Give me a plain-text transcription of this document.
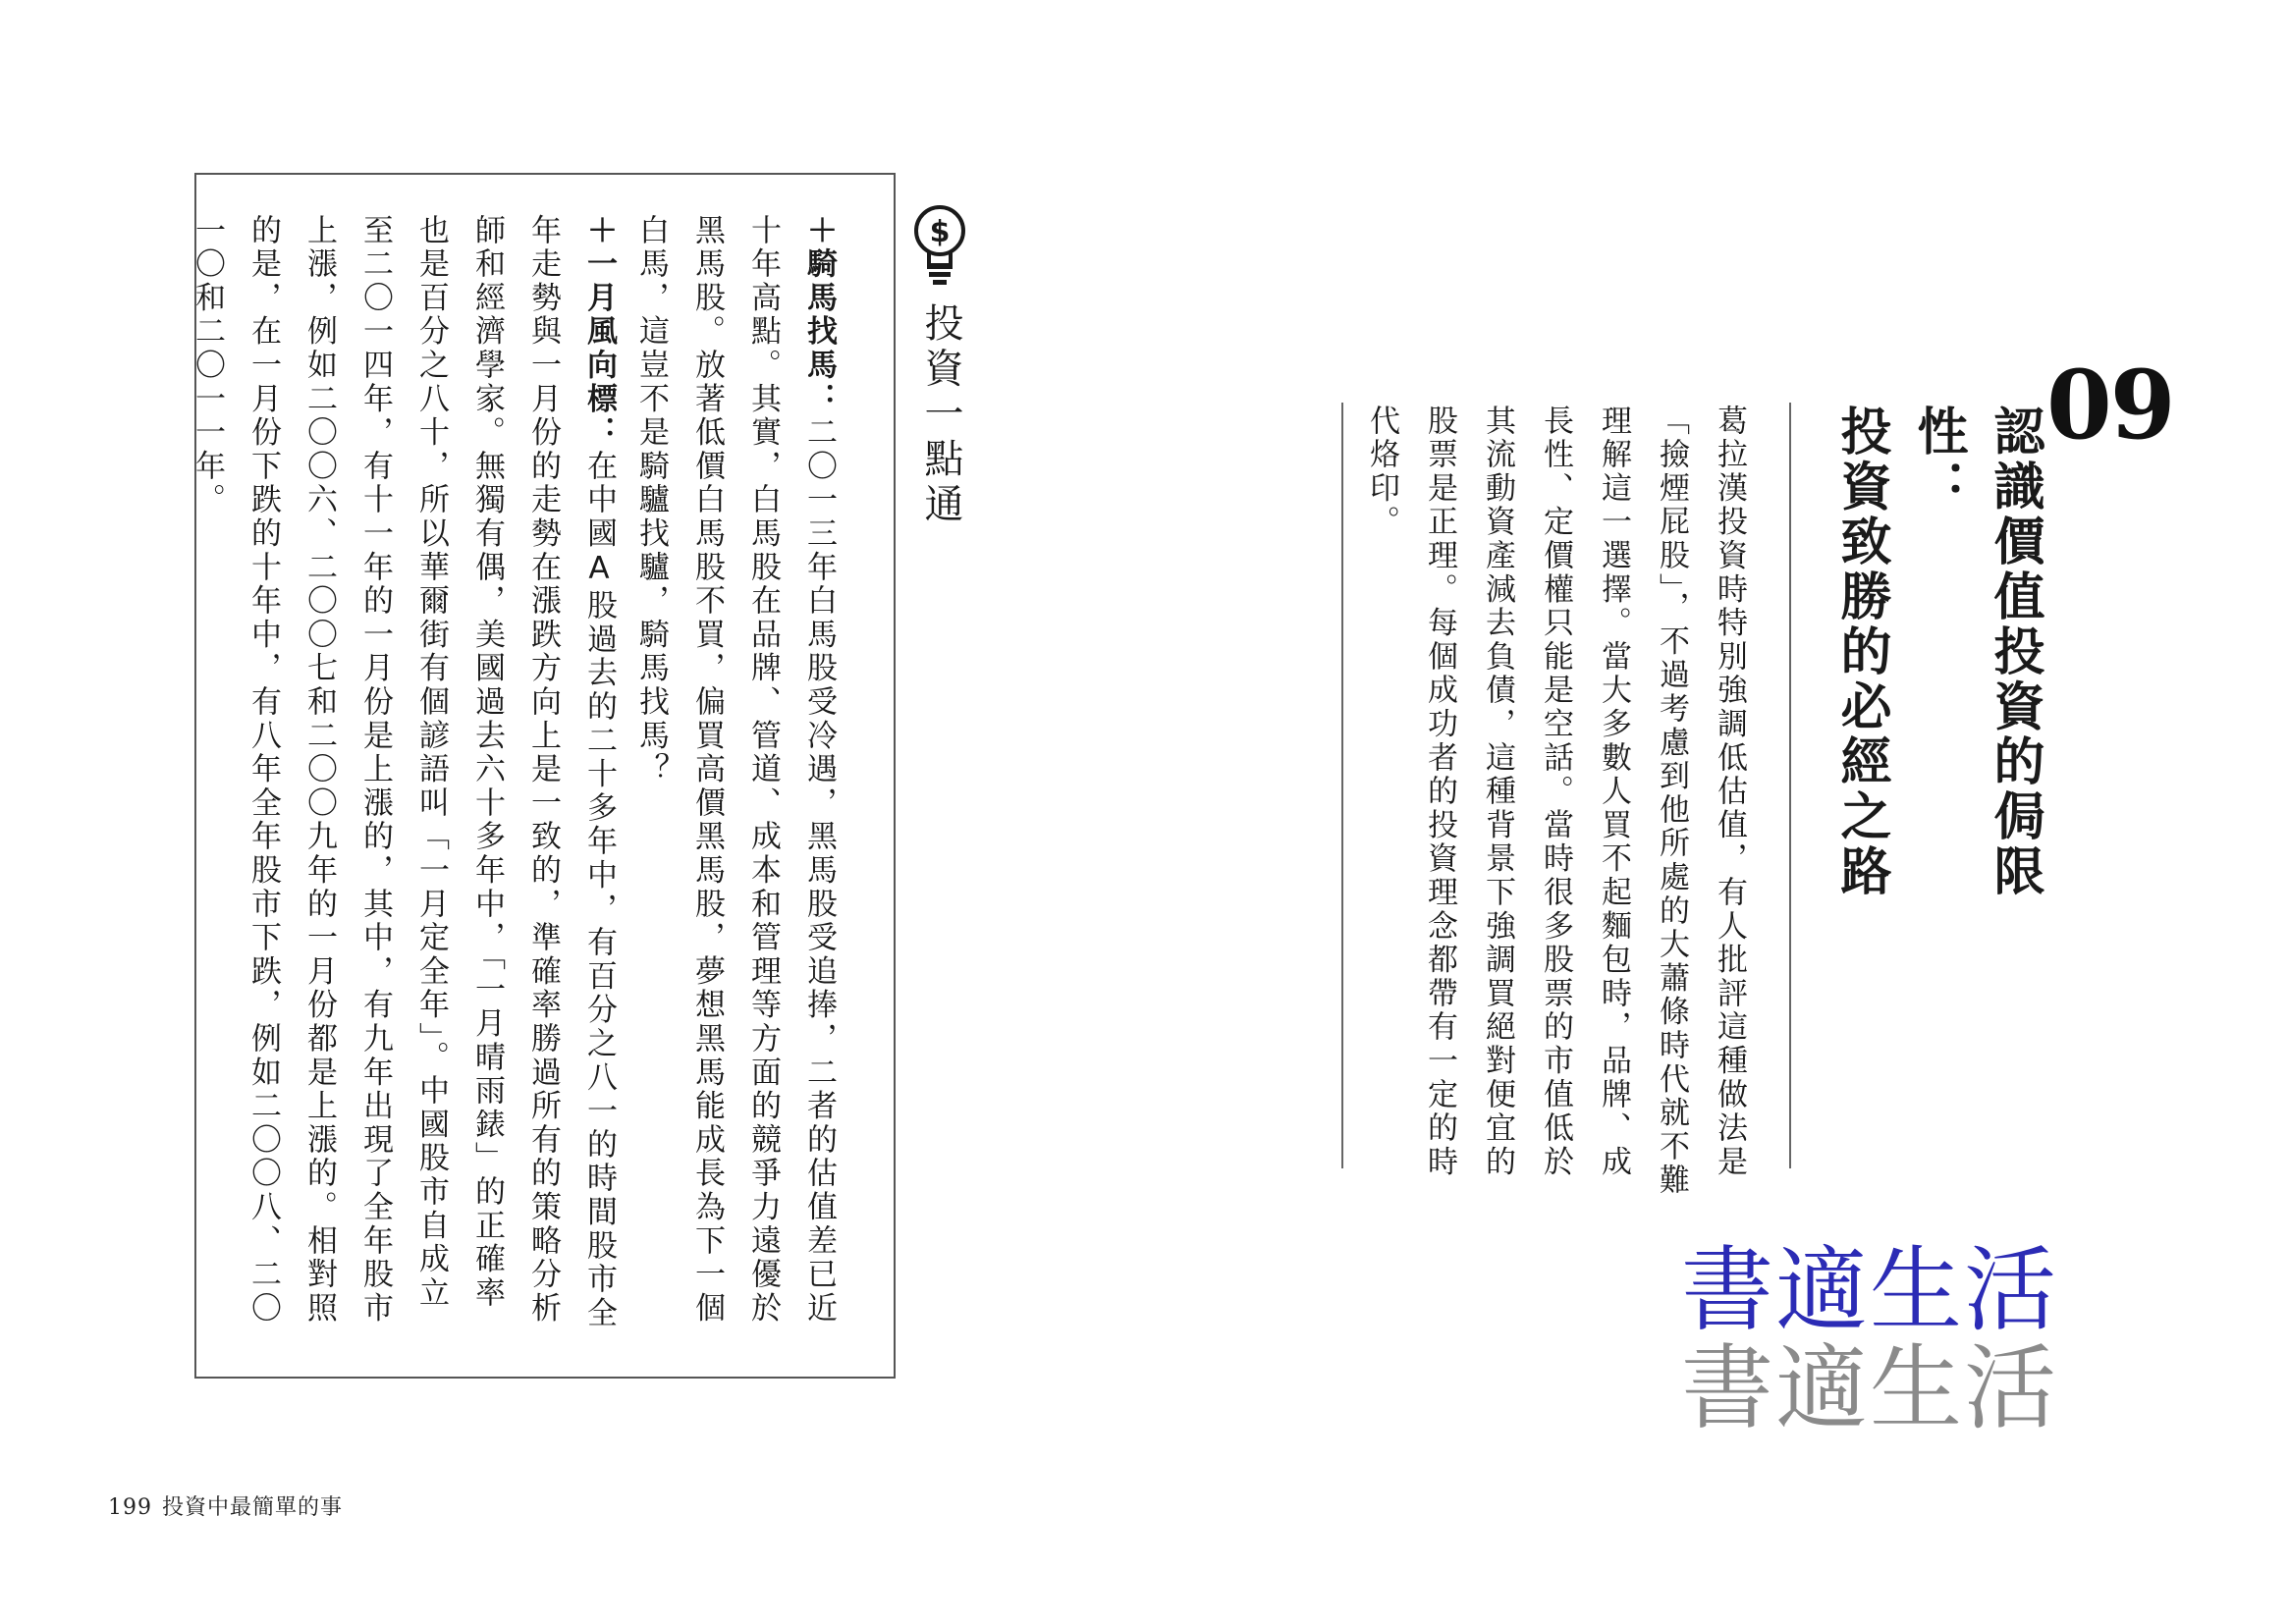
$
投資一點通

＋騎馬找馬：二〇一三年白馬股受冷遇，黑馬股受追捧，二者的估值差已近十年高點。其實，白馬股在品牌、管道、成本和管理等方面的競爭力遠優於黑馬股。放著低價白馬股不買，偏買高價黑馬股，夢想黑馬能成長為下一個白馬，這豈不是騎驢找驢，騎馬找馬？

＋一月風向標：在中國A股過去的二十多年中，有百分之八一的時間股市全年走勢與一月份的走勢在漲跌方向上是一致的，準確率勝過所有的策略分析師和經濟學家。無獨有偶，美國過去六十多年中，「一月晴雨錶」的正確率也是百分之八十，所以華爾街有個諺語叫「一月定全年」。中國股市自成立至二〇一四年，有十一年的一月份是上漲的，其中，有九年出現了全年股市上漲，例如二〇〇六、二〇〇七和二〇〇九年的一月份都是上漲的。相對照的是，在一月份下跌的十年中，有八年全年股市下跌，例如二〇〇八、二〇一〇和二〇一一年。

199 投資中最簡單的事
09
認識價值投資的侷限性：
投資致勝的必經之路

葛拉漢投資時特別強調低估值，有人批評這種做法是「撿煙屁股」，不過考慮到他所處的大蕭條時代就不難理解這一選擇。當大多數人買不起麵包時，品牌、成長性、定價權只能是空話。當時很多股票的市值低於其流動資產減去負債，這種背景下強調買絕對便宜的股票是正理。每個成功者的投資理念都帶有一定的時代烙印。

書適生活
書適生活
